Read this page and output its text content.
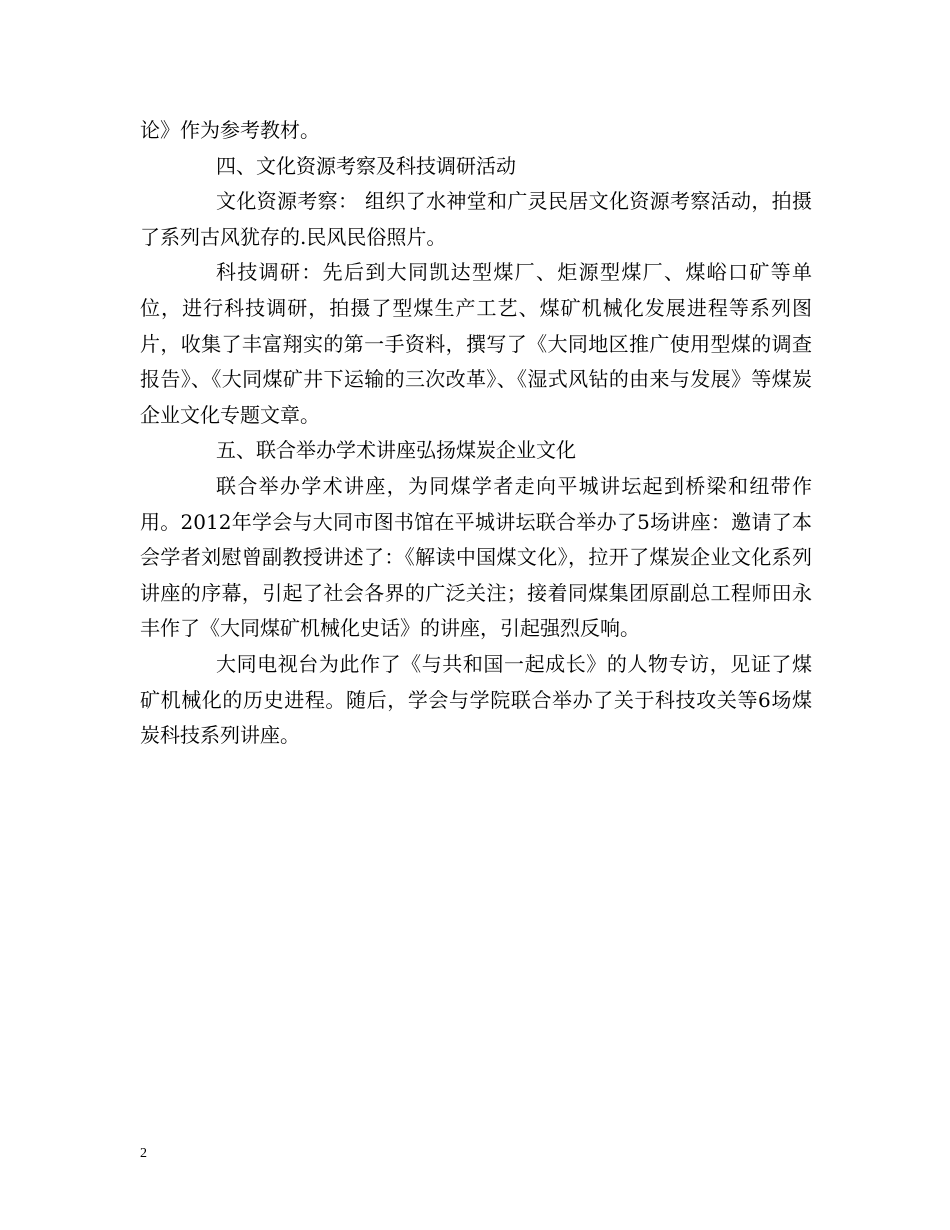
论》作为参考教材。

四、文化资源考察及科技调研活动

文化资源考察： 组织了水神堂和广灵民居文化资源考察活动，拍摄了系列古风犹存的.民风民俗照片。

科技调研：先后到大同凯达型煤厂、炬源型煤厂、煤峪口矿等单位，进行科技调研，拍摄了型煤生产工艺、煤矿机械化发展进程等系列图片，收集了丰富翔实的第一手资料，撰写了《大同地区推广使用型煤的调查报告》、《大同煤矿井下运输的三次改革》、《湿式风钻的由来与发展》等煤炭企业文化专题文章。

五、联合举办学术讲座弘扬煤炭企业文化

联合举办学术讲座，为同煤学者走向平城讲坛起到桥梁和纽带作用。2012年学会与大同市图书馆在平城讲坛联合举办了5场讲座：邀请了本会学者刘慰曾副教授讲述了：《解读中国煤文化》，拉开了煤炭企业文化系列讲座的序幕，引起了社会各界的广泛关注；接着同煤集团原副总工程师田永丰作了《大同煤矿机械化史话》的讲座，引起强烈反响。

大同电视台为此作了《与共和国一起成长》的人物专访，见证了煤矿机械化的历史进程。随后，学会与学院联合举办了关于科技攻关等6场煤炭科技系列讲座。

2
